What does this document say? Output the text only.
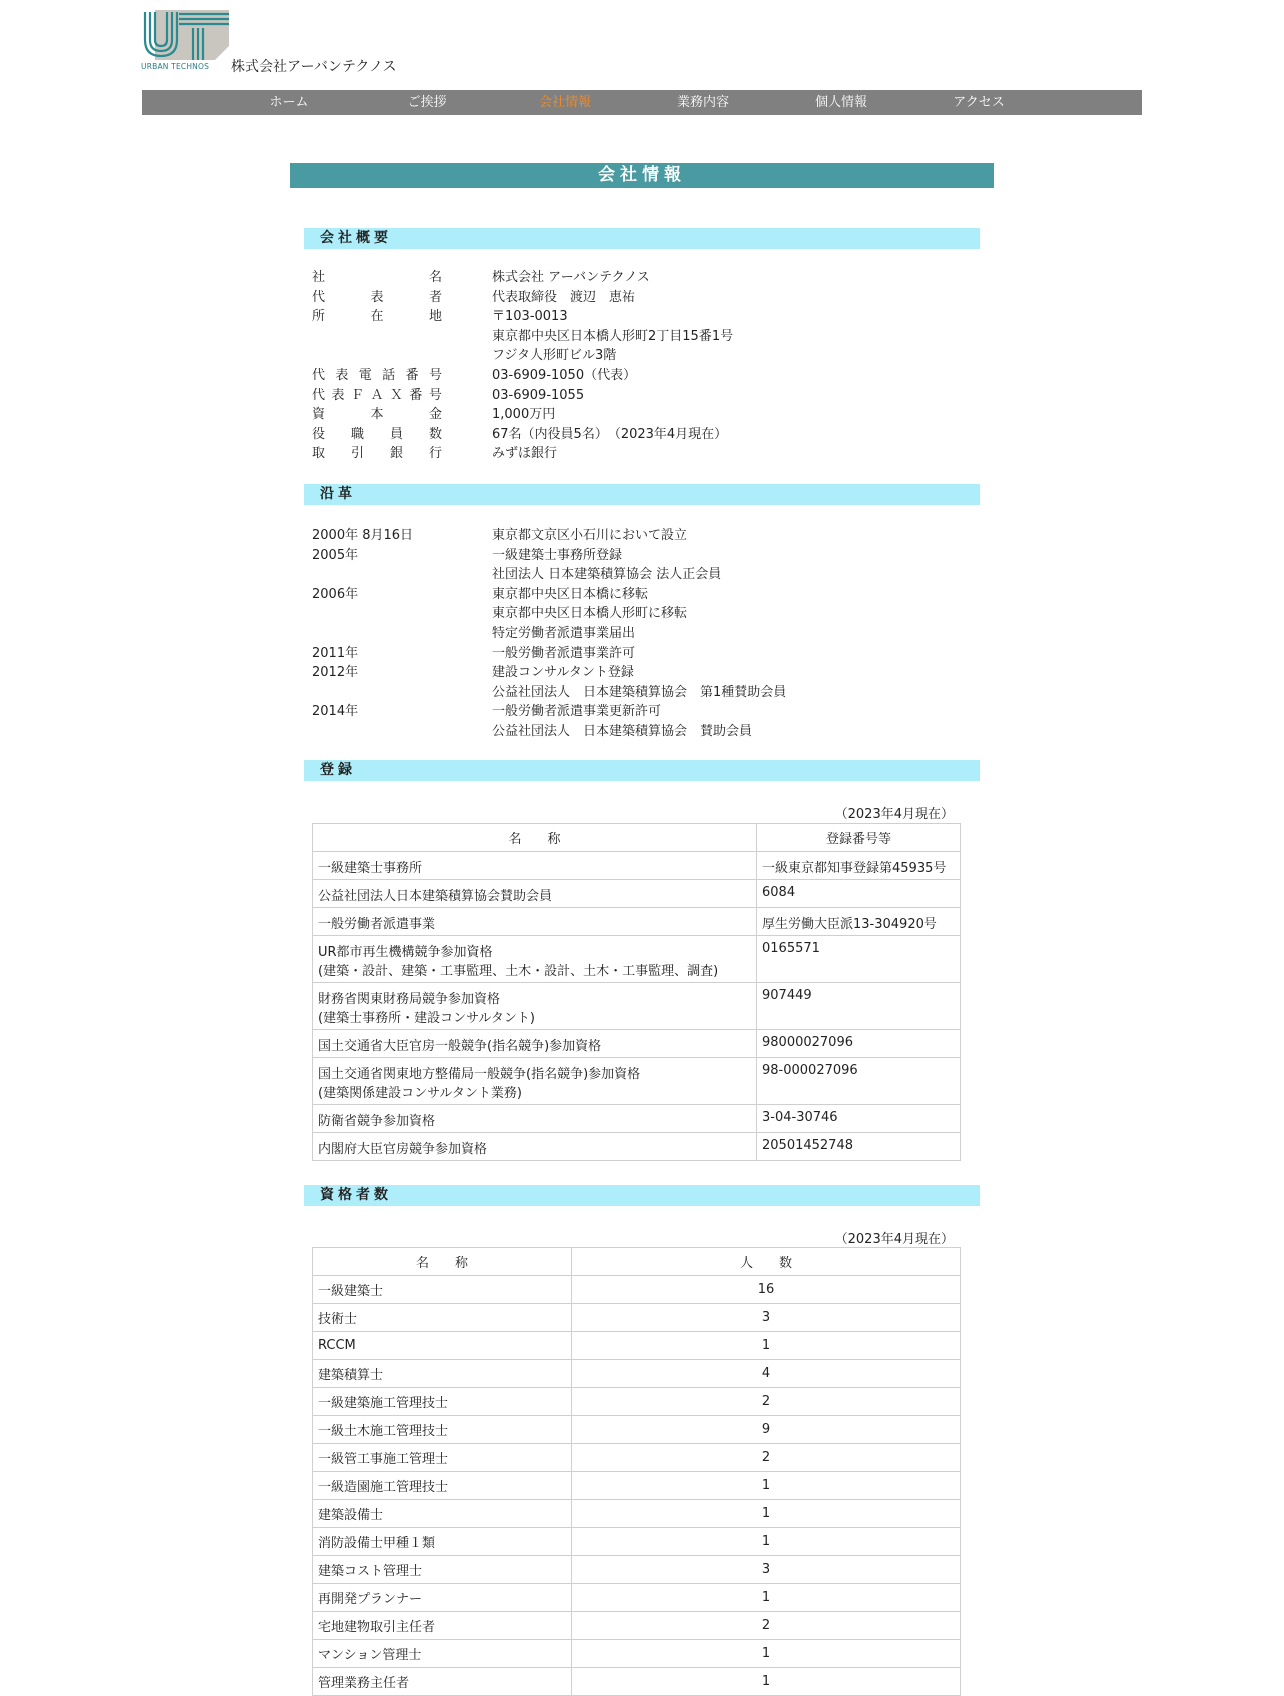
URBAN TECHNOS 株式会社アーバンテクノス
ホーム	ご挨拶	会社情報	業務内容	個人情報	アクセス
会社情報
会社概要
社	名	株式会社 アーバンテクノス
代	表	者	代表取締役　渡辺　恵祐
所	在	地	〒103-0013
東京都中央区日本橋人形町2丁目15番1号
フジタ人形町ビル3階
代 表 電 話 番 号	03-6909-1050（代表）
代 表 Ｆ Ａ Ｘ 番 号	03-6909-1055
資	本	金	1,000万円
役 職 員 数	67名（内役員5名）　（2023年4月現在）
取 引 銀 行	みずほ銀行
沿革
2000年 8月16日	東京都文京区小石川において設立
2005年	一級建築士事務所登録
社団法人 日本建築積算協会 法人正会員
2006年	東京都中央区日本橋に移転
東京都中央区日本橋人形町に移転
特定労働者派遣事業届出
2011年	一般労働者派遣事業許可
2012年	建設コンサルタント登録
公益社団法人　日本建築積算協会　第1種賛助会員
2014年	一般労働者派遣事業更新許可
公益社団法人　日本建築積算協会　賛助会員
登録
（2023年4月現在）
名　　称	登録番号等

一級建築士事務所	一級東京都知事登録第45935号

公益社団法人日本建築積算協会賛助会員	6084

一般労働者派遣事業	厚生労働大臣派13-304920号

UR都市再生機構競争参加資格
(建築・設計、建築・工事監理、土木・設計、土木・工事監理、調査)	0165571

財務省関東財務局競争参加資格
(建築士事務所・建設コンサルタント)	907449

国土交通省大臣官房一般競争(指名競争)参加資格	98000027096

国土交通省関東地方整備局一般競争(指名競争)参加資格
(建築関係建設コンサルタント業務)	98-000027096

防衛省競争参加資格	3-04-30746

内閣府大臣官房競争参加資格	20501452748
資格者数
（2023年4月現在）
名　　称	人　　数
一級建築士	16
技術士	3
RCCM	1
建築積算士	4
一級建築施工管理技士	2
一級土木施工管理技士	9
一級管工事施工管理士	2
一級造園施工管理技士	1
建築設備士	1
消防設備士甲種１類	1
建築コスト管理士	3
再開発プランナー	1
宅地建物取引主任者	2
マンション管理士	1
管理業務主任者	1
